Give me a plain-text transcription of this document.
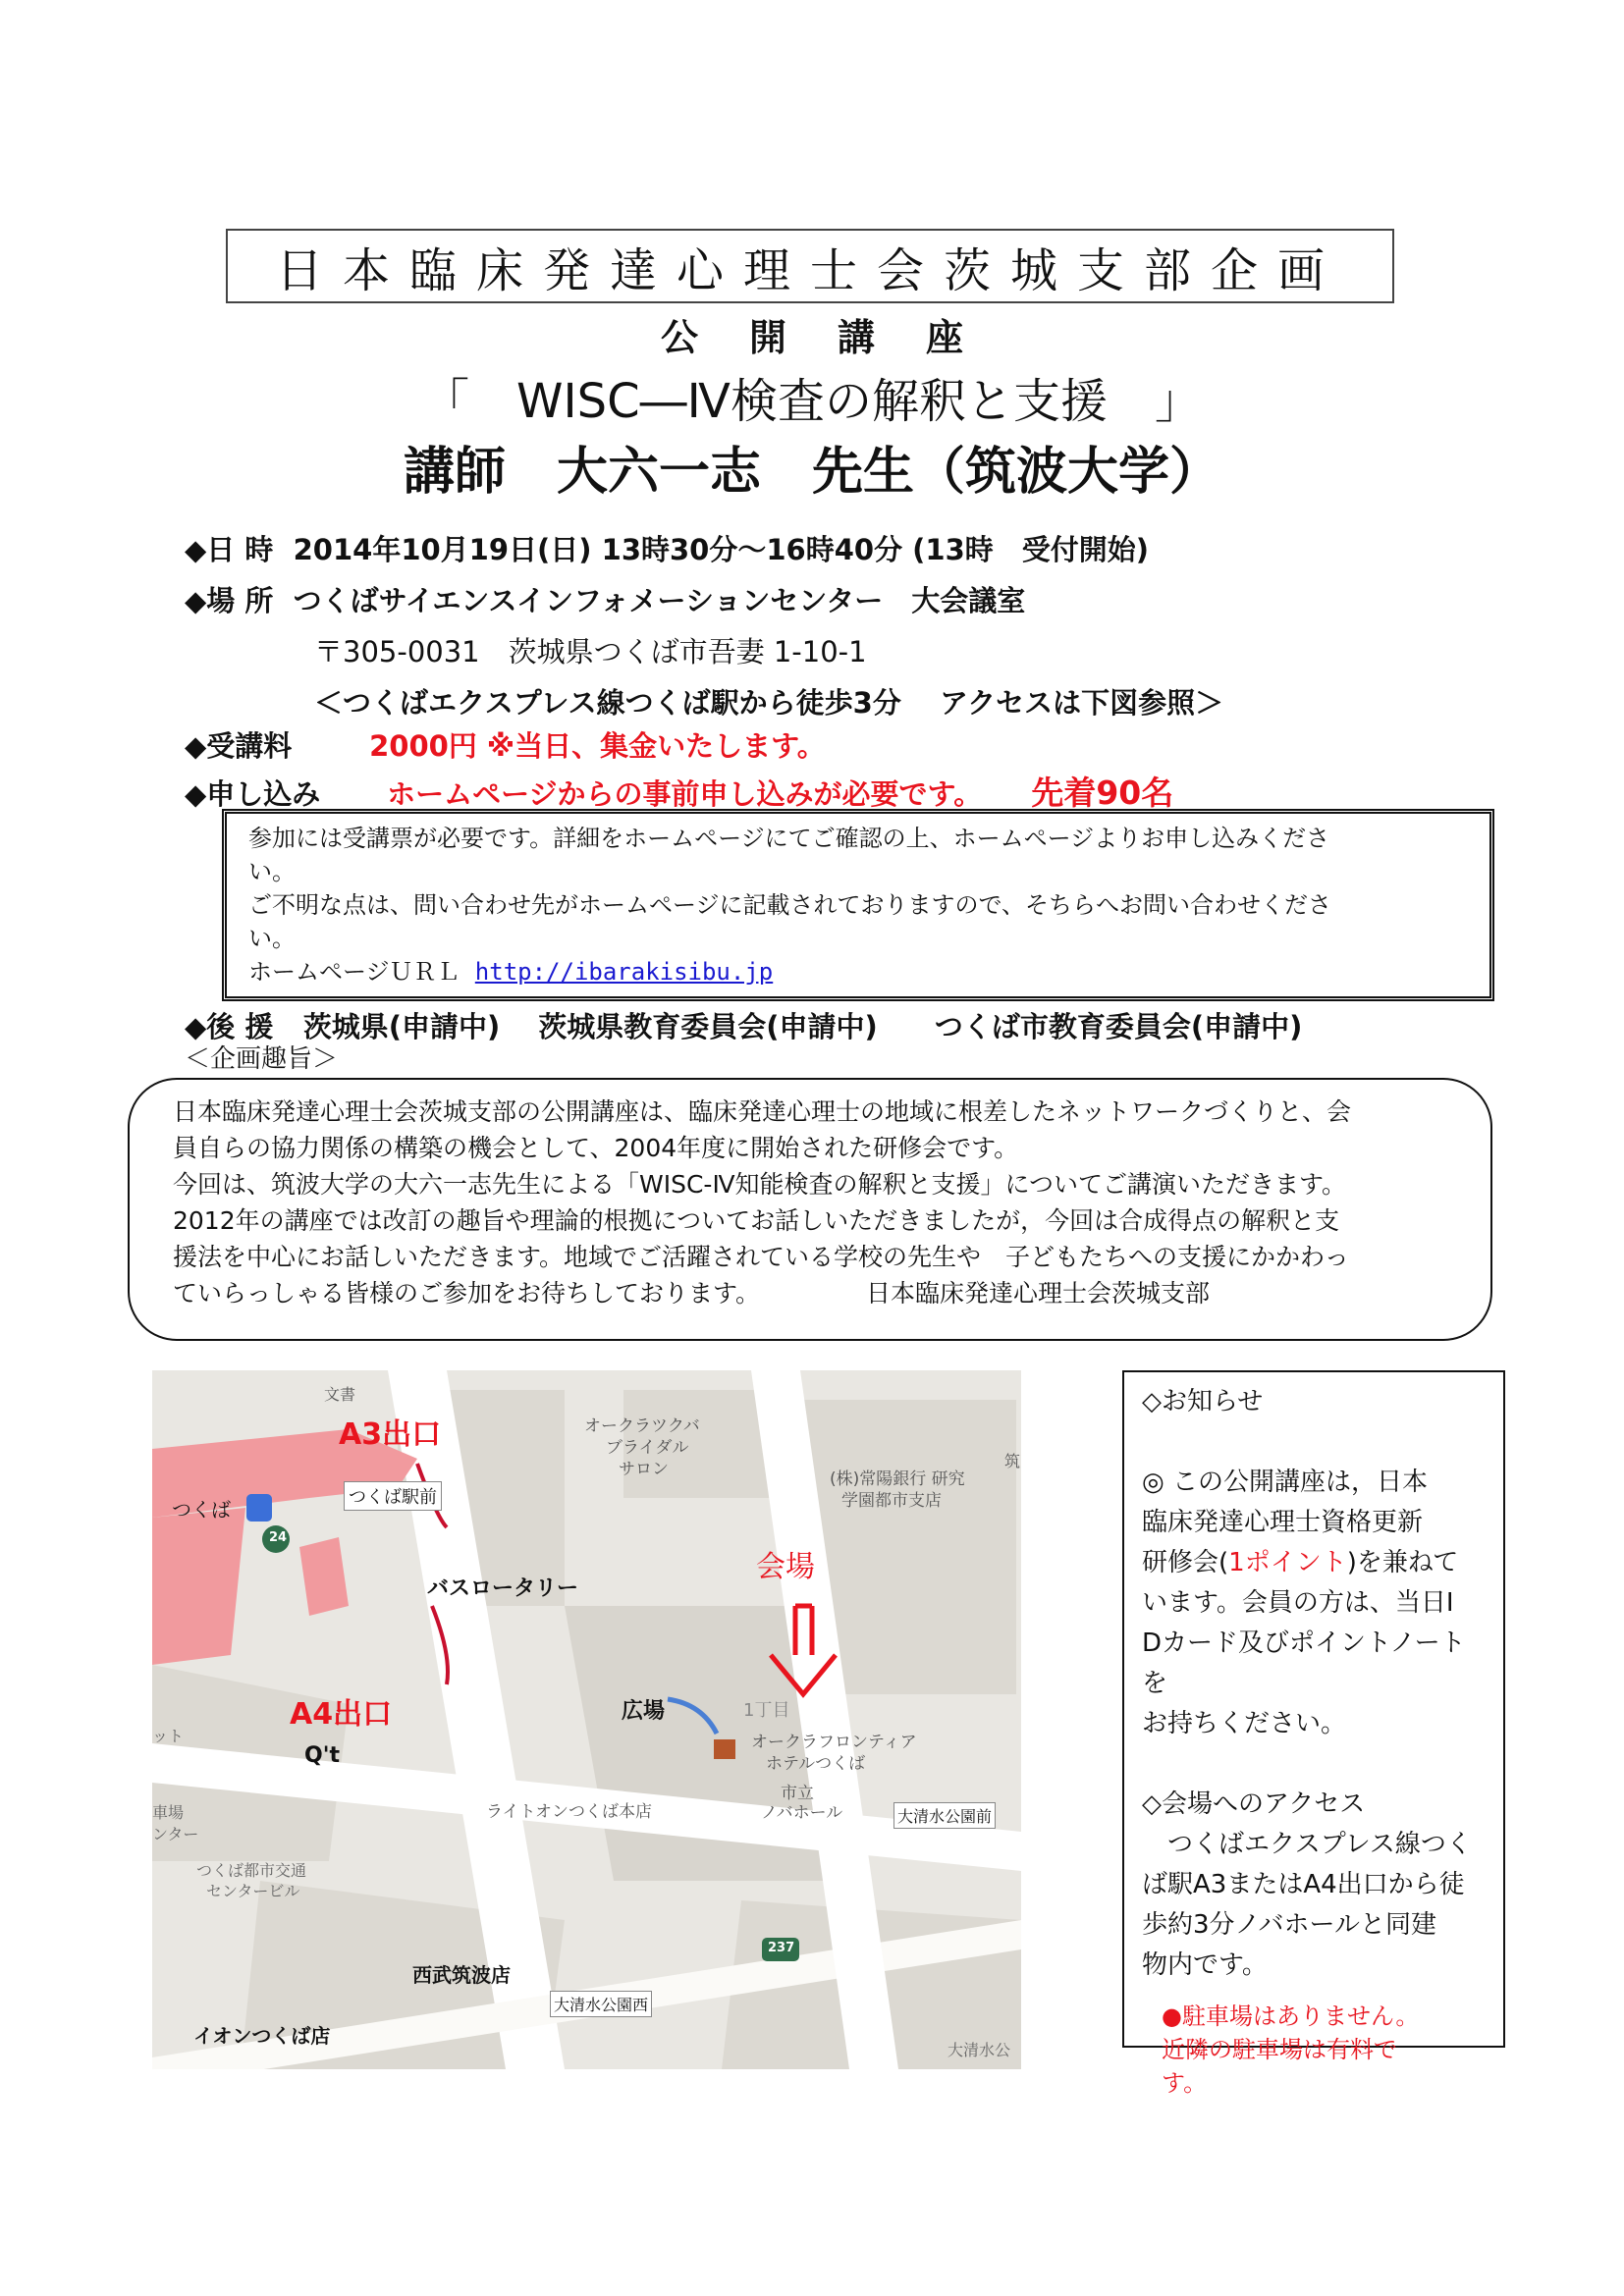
日本臨床発達心理士会茨城支部企画
公開講座
「　WISC―Ⅳ検査の解釈と支援　」
講師　大六一志　先生（筑波大学）
◆日 時 2014年10月19日(日) 13時30分～16時40分 (13時　受付開始)
◆場 所 つくばサイエンスインフォメーションセンター　大会議室
〒305-0031　茨城県つくば市吾妻 1-10-1
＜つくばエクスプレス線つくば駅から徒歩3分　 アクセスは下図参照＞
◆受講料	2000円 ※当日、集金いたします。
◆申し込み ホームページからの事前申し込みが必要です。 先着90名
参加には受講票が必要です。詳細をホームページにてご確認の上、ホームページよりお申し込みくださ
い。
ご不明な点は、問い合わせ先がホームページに記載されておりますので、そちらへお問い合わせくださ
い。
ホームページＵＲＬ http://ibarakisibu.jp
◆後 援 茨城県(申請中)　 茨城県教育委員会(申請中)　　つくば市教育委員会(申請中)
＜企画趣旨＞
日本臨床発達心理士会茨城支部の公開講座は、臨床発達心理士の地域に根差したネットワークづくりと、会
員自らの協力関係の構築の機会として、2004年度に開始された研修会です。
今回は、筑波大学の大六一志先生による「WISC-Ⅳ知能検査の解釈と支援」についてご講演いただきます。
2012年の講座では改訂の趣旨や理論的根拠についてお話しいただきましたが，今回は合成得点の解釈と支
援法を中心にお話しいただきます。地域でご活躍されている学校の先生や　子どもたちへの支援にかかわっ
ていらっしゃる皆様のご参加をお待ちしております。	日本臨床発達心理士会茨城支部
A3出口
A4出口
会場
つくば
つくば駅前
バスロータリー
広場
Q't
オークラツクバ
ブライダル
サロン	(株)常陽銀行 研究
学園都市支店
オークラフロンティア
ホテルつくば
市立
ノバホール	大清水公園前
大清水公園西
大清水公
ライトオンつくば本店
西武筑波店
イオンつくば店
つくば都市交通
センタービル
文書
1丁目
24
237
筑
車場
ンター
ット

◇お知らせ

◎ この公開講座は，日本

臨床発達心理士資格更新

研修会(1ポイント)を兼ねて

います。会員の方は、当日I

Dカード及びポイントノートを

お持ちください。

◇会場へのアクセス

　つくばエクスプレス線つく

ば駅A3またはA4出口から徒

歩約3分ノバホールと同建

物内です。

●駐車場はありません。

近隣の駐車場は有料で

す。
